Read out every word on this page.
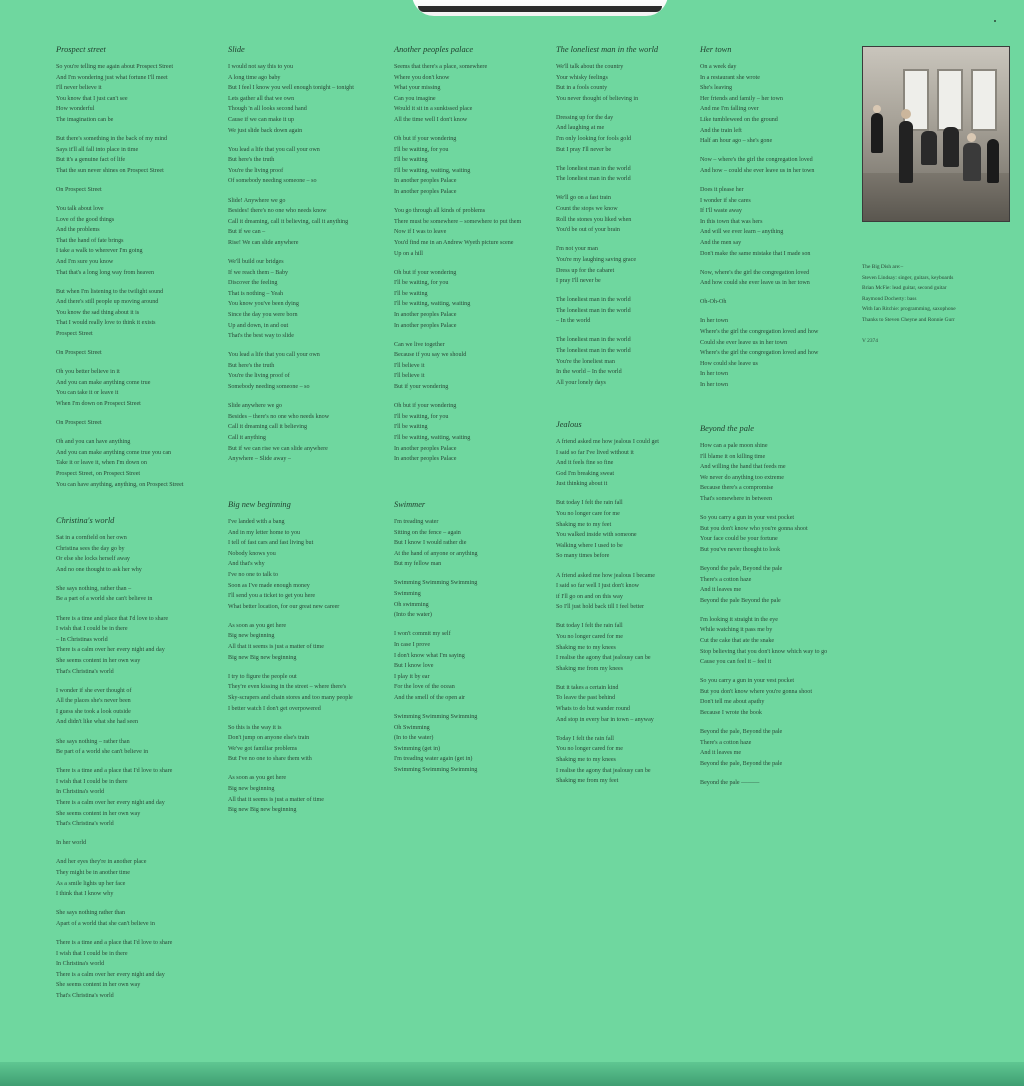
Prospect street
So you're telling me again about Prospect Street
And I'm wondering just what fortune I'll meet
I'll never believe it
You know that I just can't see
How wonderful
The imagination can be
But there's something in the back of my mind
Says it'll all fall into place in time
But it's a genuine fact of life
That the sun never shines on Prospect Street
On Prospect Street
You talk about love
Love of the good things
And the problems
That the hand of fate brings
I take a walk to wherever I'm going
And I'm sure you know
That that's a long long way from heaven
But when I'm listening to the twilight sound
And there's still people up moving around
You know the sad thing about it is
That I would really love to think it exists
Prospect Street
On Prospect Street
Oh you better believe in it
And you can make anything come true
You can take it or leave it
When I'm down on Prospect Street
On Prospect Street
Oh and you can have anything
And you can make anything come true you can
Take it or leave it, when I'm down on
Prospect Street, on Prospect Street
You can have anything, anything, on Prospect Street
Christina's world
Sat in a cornfield on her own
Christina sees the day go by
Or else she locks herself away
And no one thought to ask her why
She says nothing, rather than –
Be a part of a world she can't believe in
There is a time and place that I'd love to share
I wish that I could be in there
– In Christinas world
There is a calm over her every night and day
She seems content in her own way
That's Christina's world
I wonder if she ever thought of
All the places she's never been
I guess she took a look outside
And didn't like what she had seen
She says nothing – rather than
Be part of a world she can't believe in
There is a time and a place that I'd love to share
I wish that I could be in there
In Christina's world
There is a calm over her every night and day
She seems content in her own way
That's Christina's world
In her world
And her eyes they're in another place
They might be in another time
As a smile lights up her face
I think that I know why
She says nothing rather than
Apart of a world that she can't believe in
There is a time and a place that I'd love to share
I wish that I could be in there
In Christina's world
There is a calm over her every night and day
She seems content in her own way
That's Christina's world
Slide
I would not say this to you
A long time ago baby
But I feel I know you well enough tonight – tonight
Lets gather all that we own
Though 'n all looks second hand
Cause if we can make it up
We just slide back down again
You lead a life that you call your own
But here's the truth
You're the living proof
Of somebody needing someone – so
Slide! Anywhere we go
Besides! there's no one who needs know
Call it dreaming, call it believing, call it anything
But if we can –
Rise! We can slide anywhere
We'll build our bridges
If we reach them – Baby
Discover the feeling
That is nothing – Yeah
You know you've been dying
Since the day you were born
Up and down, in and out
That's the best way to slide
You lead a life that you call your own
But here's the truth
You're the living proof of
Somebody needing someone – so
Slide anywhere we go
Besides – there's no one who needs know
Call it dreaming call it believing
Call it anything
But if we can rise we can slide anywhere
Anywhere – Slide away –
Big new beginning
I've landed with a bang
And in my letter home to you
I tell of fast cars and fast living but
Nobody knows you
And that's why
I've no one to talk to
Soon as I've made enough money
I'll send you a ticket to get you here
What better location, for our great new career
As soon as you get here
Big new beginning
All that it seems is just a matter of time
Big new Big new beginning
I try to figure the people out
They're even kissing in the street – where there's
Sky-scrapers and chain stores and too many people
I better watch I don't get overpowered
So this is the way it is
Don't jump on anyone else's train
We've got familiar problems
But I've no one to share them with
As soon as you get here
Big new beginning
All that it seems is just a matter of time
Big new Big new beginning
Another peoples palace
Seems that there's a place, somewhere
Where you don't know
What your missing
Can you imagine
Would it sit in a sunkissed place
All the time well I don't know
Oh but if your wondering
I'll be waiting, for you
I'll be waiting
I'll be waiting, waiting, waiting
In another peoples Palace
In another peoples Palace
You go through all kinds of problems
There must be somewhere – somewhere to put them
Now if I was to leave
You'd find me in an Andrew Wyeth picture scene
Up on a hill
Oh but if your wondering
I'll be waiting, for you
I'll be waiting
I'll be waiting, waiting, waiting
In another peoples Palace
In another peoples Palace
Can we live together
Because if you say we should
I'll believe it
I'll believe it
But if your wondering
Oh but if your wondering
I'll be waiting, for you
I'll be waiting
I'll be waiting, waiting, waiting
In another peoples Palace
In another peoples Palace
Swimmer
I'm treading water
Sitting on the fence – again
But I know I would rather die
At the hand of anyone or anything
But my fellow man
Swimming Swimming Swimming
Swimming
Oh swimming
(Into the water)
I won't commit my self
In case I prove
I don't know what I'm saying
But I know love
I play it by ear
For the love of the ocean
And the smell of the open air
Swimming Swimming Swimming
Oh Swimming
(In to the water)
Swimming (get in)
I'm treading water again (get in)
Swimming Swimming Swimming
The loneliest man in the world
We'll talk about the country
Your whisky feelings
But in a fools county
You never thought of believing in
Dressing up for the day
And laughing at me
I'm only looking for fools gold
But I pray I'll never be
The loneliest man in the world
The loneliest man in the world
We'll go on a fast train
Count the stops we know
Roll the stones you liked when
You'd be out of your brain
I'm not your man
You're my laughing saving grace
Dress up for the cabaret
I pray I'll never be
The loneliest man in the world
The loneliest man in the world
– In the world
The loneliest man in the world
The loneliest man in the world
You're the loneliest man
In the world – In the world
All your lonely days
Jealous
A friend asked me how jealous I could get
I said so far I've lived without it
And it feels fine so fine
God I'm breaking sweat
Just thinking about it
But today I felt the rain fall
You no longer care for me
Shaking me to my feet
You walked inside with someone
Walking where I used to be
So many times before
A friend asked me how jealous I became
I said so far well I just don't know
if I'll go on and on this way
So I'll just hold back till I feel better
But today I felt the rain fall
You no longer cared for me
Shaking me to my knees
I realise the agony that jealousy can be
Shaking me from my knees
But it takes a certain kind
To leave the past behind
Whats to do but wander round
And stop in every bar in town – anyway
Today I felt the rain fall
You no longer cared for me
Shaking me to my knees
I realise the agony that jealousy can be
Shaking me from my feet
Her town
On a week day
In a restaurant she wrote
She's leaving
Her friends and family – her town
And me I'm falling over
Like tumbleweed on the ground
And the train left
Half an hour ago – she's gone
Now – where's the girl the congregation loved
And how – could she ever leave us in her town
Does it please her
I wonder if she cares
If I'll waste away
In this town that was hers
And will we ever learn – anything
And the men say
Don't make the same mistake that I made son
Now, where's the girl the congregation loved
And how could she ever leave us in her town
Oh-Oh-Oh
In her town
Where's the girl the congregation loved and how
Could she ever leave us in her town
Where's the girl the congregation loved and how
How could she leave us
In her town
In her town
Beyond the pale
How can a pale moon shine
I'll blame it on killing time
And willing the hand that feeds me
We never do anything too extreme
Because there's a compromise
That's somewhere in between
So you carry a gun in your vest pocket
But you don't know who you're gonna shoot
Your face could be your fortune
But you've never thought to look
Beyond the pale, Beyond the pale
There's a cotton haze
And it leaves me
Beyond the pale Beyond the pale
I'm looking it straight in the eye
While watching it pass me by
Cut the cake that ate the snake
Stop believing that you don't know which way to go
Cause you can feel it – feel it
So you carry a gun in your vest pocket
But you don't know where you're gonna shoot
Don't tell me about apathy
Because I wrote the book
Beyond the pale, Beyond the pale
There's a cotton haze
And it leaves me
Beyond the pale, Beyond the pale
Beyond the pale ———
The Big Dish are:–
Steven Lindsay: singer, guitars, keyboards
Brian McFie: lead guitar, second guitar
Raymond Docherty: bass
With Ian Ritchie: programming, saxophone
Thanks to Steven Cheyne and Ronnie Gurr

V 2374
